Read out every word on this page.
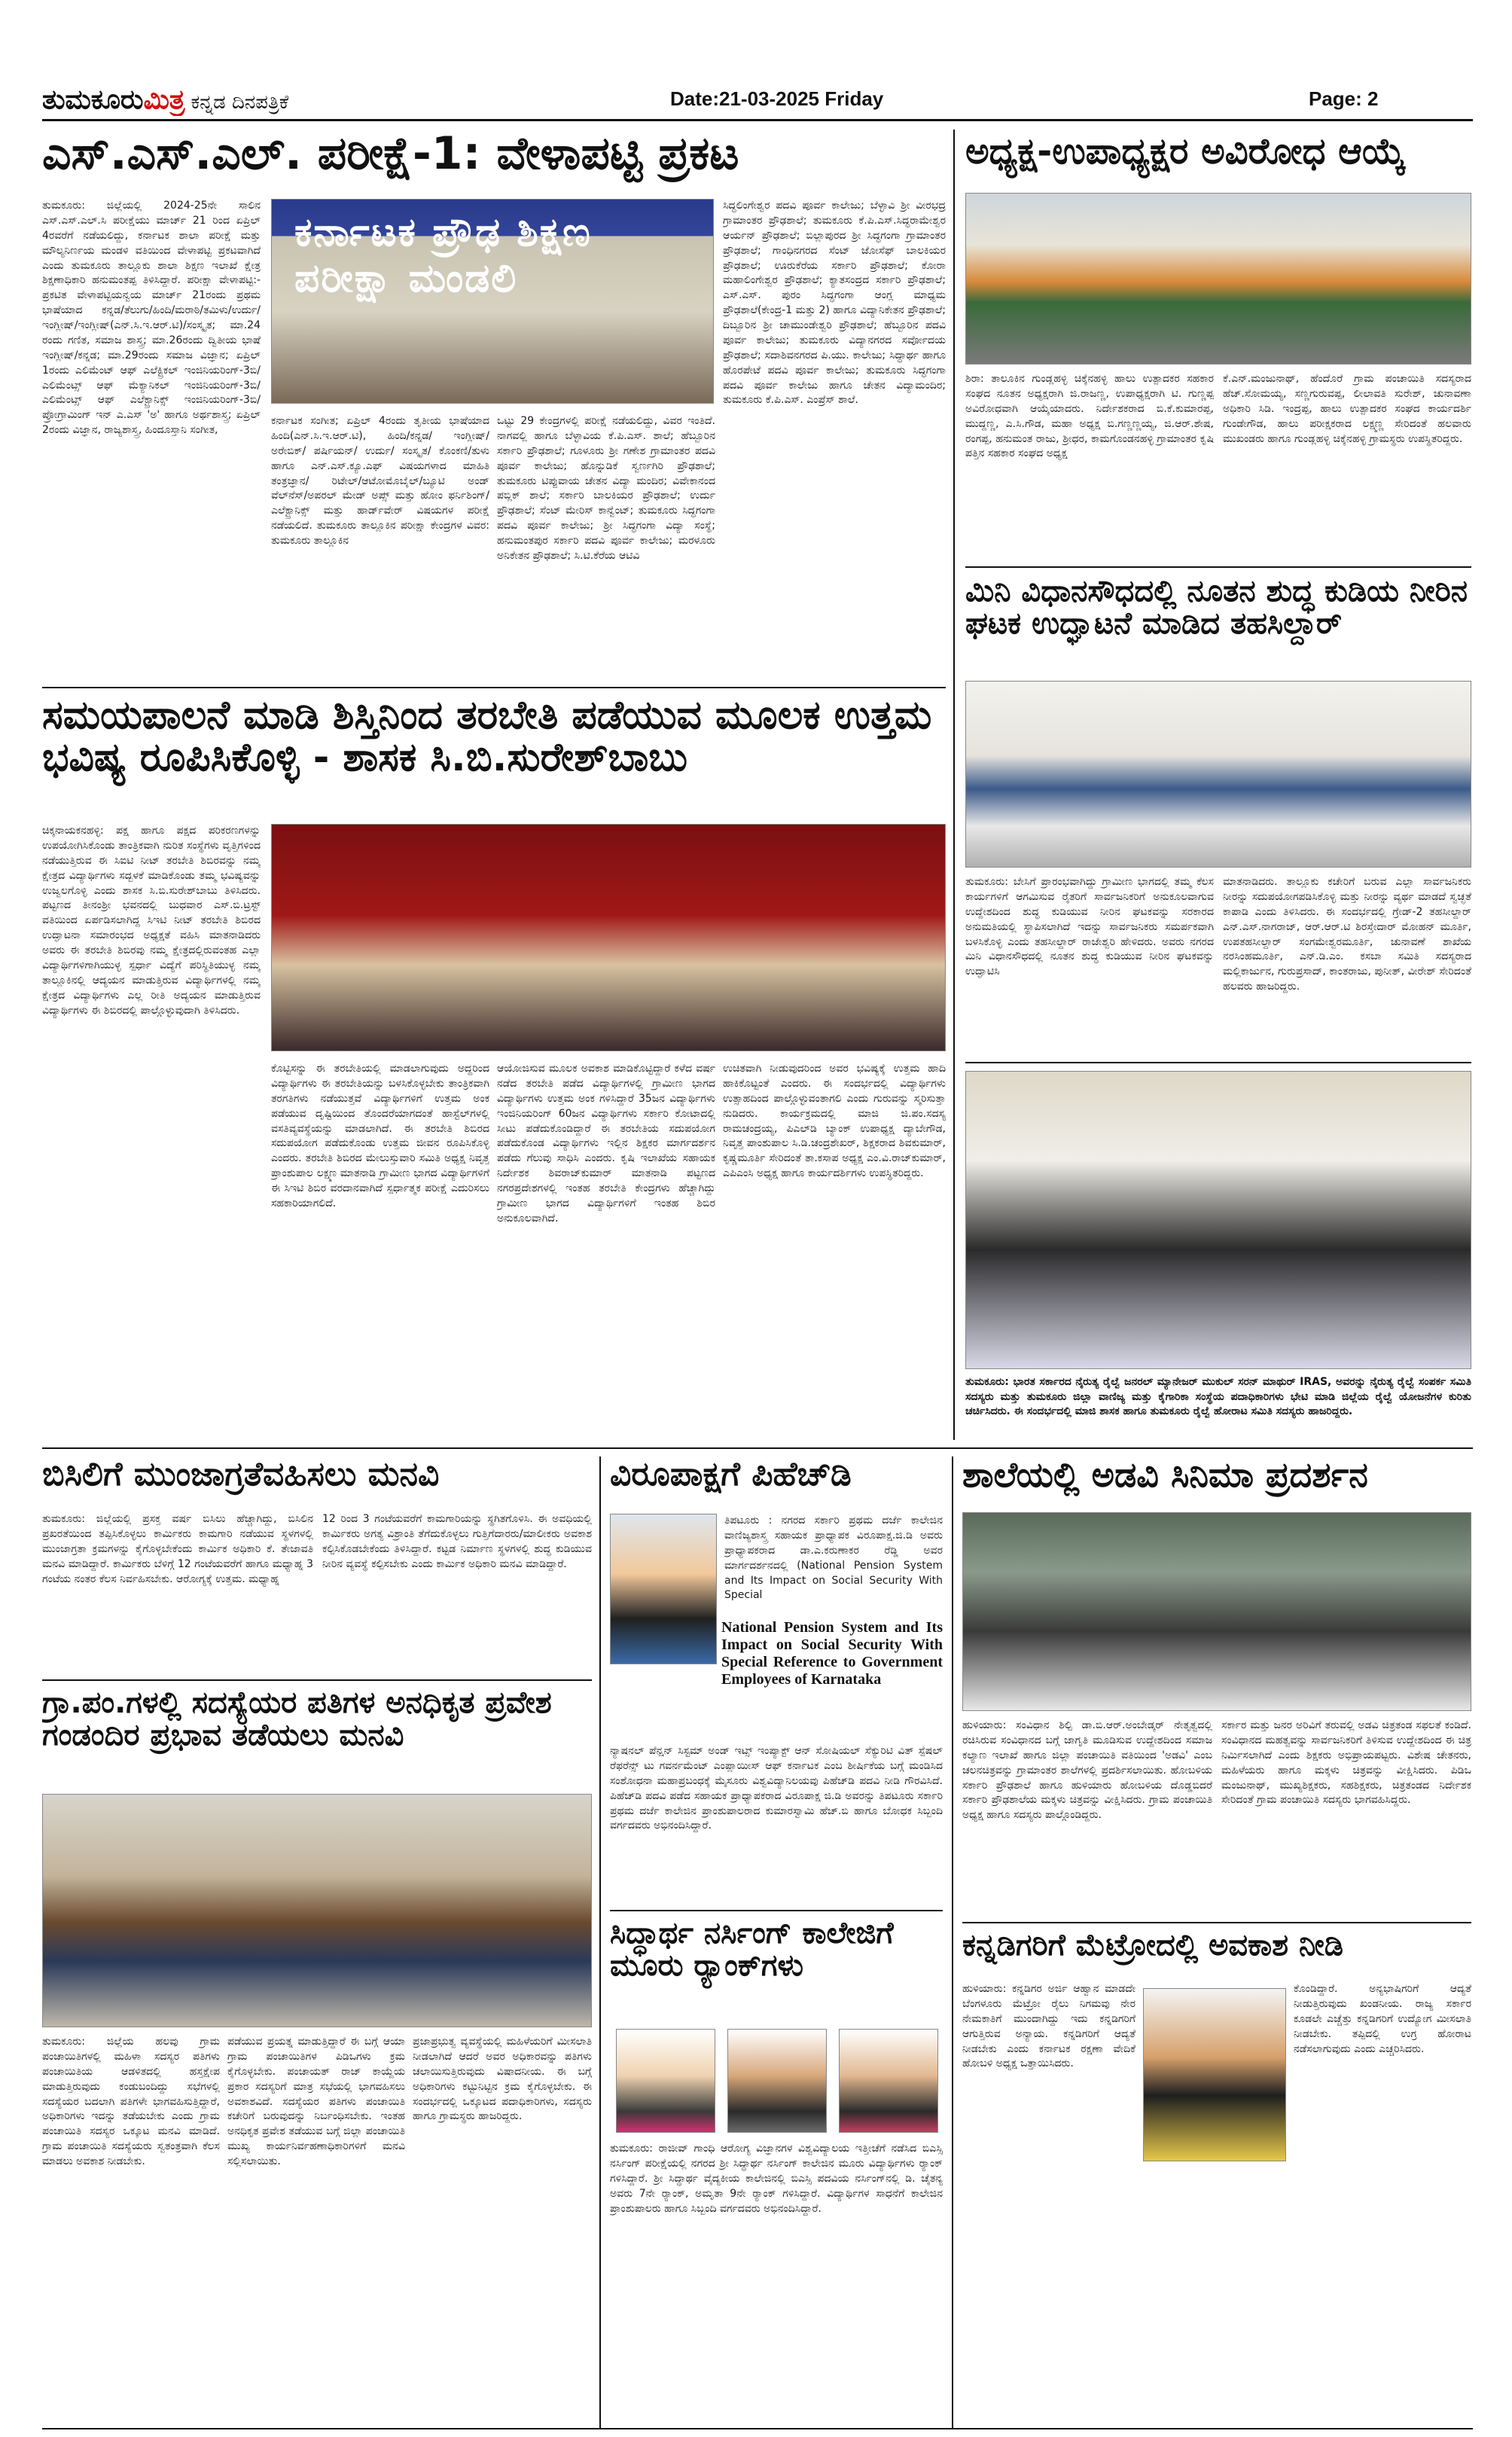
ತುಮಕೂರುಮಿತ್ರ ಕನ್ನಡ ದಿನಪತ್ರಿಕೆ	Date:21-03-2025 Friday	Page: 2
ಎಸ್.ಎಸ್.ಎಲ್. ಪರೀಕ್ಷೆ-1: ವೇಳಾಪಟ್ಟಿ ಪ್ರಕಟ
ತುಮಕೂರು: ಜಿಲ್ಲೆಯಲ್ಲಿ 2024-25ನೇ ಸಾಲಿನ ಎಸ್.ಎಸ್.ಎಲ್.ಸಿ ಪರೀಕ್ಷೆಯು ಮಾರ್ಚ್ 21 ರಿಂದ ಏಪ್ರಿಲ್ 4ರವರೆಗೆ ನಡೆಯಲಿದ್ದು, ಕರ್ನಾಟಕ ಶಾಲಾ ಪರೀಕ್ಷೆ ಮತ್ತು ಮೌಲ್ಯನಿರ್ಣಯ ಮಂಡಳಿ ವತಿಯಿಂದ ವೇಳಾಪಟ್ಟಿ ಪ್ರಕಟವಾಗಿದೆ ಎಂದು ತುಮಕೂರು ತಾಲ್ಲೂಕು ಶಾಲಾ ಶಿಕ್ಷಣ ಇಲಾಖೆ ಕ್ಷೇತ್ರ ಶಿಕ್ಷಣಾಧಿಕಾರಿ ಹನುಮಂತಪ್ಪ ತಿಳಿಸಿದ್ದಾರೆ. ಪರೀಕ್ಷಾ ವೇಳಾಪಟ್ಟಿ:- ಪ್ರಕಟಿತ ವೇಳಾಪಟ್ಟಿಯನ್ವಯ ಮಾರ್ಚ್ 21ರಂದು ಪ್ರಥಮ ಭಾಷೆಯಾದ ಕನ್ನಡ/ತೆಲುಗು/ಹಿಂದಿ/ಮರಾಠಿ/ತಮಿಳು/ಉರ್ದು/ಇಂಗ್ಲೀಷ್/ಇಂಗ್ಲೀಷ್(ಎನ್.ಸಿ.ಇ.ಆರ್.ಟಿ)/ಸಂಸ್ಕೃತ; ಮಾ.24 ರಂದು ಗಣಿತ, ಸಮಾಜ ಶಾಸ್ತ್ರ; ಮಾ.26ರಂದು ದ್ವಿತೀಯ ಭಾಷೆ ಇಂಗ್ಲೀಷ್/ಕನ್ನಡ; ಮಾ.29ರಂದು ಸಮಾಜ ವಿಜ್ಞಾನ; ಏಪ್ರಿಲ್ 1ರಂದು ಎಲಿಮೆಂಟ್ ಆಫ್ ಎಲೆಕ್ಟ್ರಿಕಲ್ ಇಂಜಿನಿಯರಿಂಗ್-3ಬಿ/ ಎಲಿಮೆಂಟ್ಸ್ ಆಫ್ ಮೆಕ್ಯಾನಿಕಲ್ ಇಂಜಿನಿಯರಿಂಗ್-3ಬಿ/ ಎಲಿಮೆಂಟ್ಸ್ ಆಫ್ ಎಲೆಕ್ಟ್ರಾನಿಕ್ಸ್ ಇಂಜಿನಿಯರಿಂಗ್-3ಬಿ/ ಪ್ರೋಗ್ರಾಮಿಂಗ್ ಇನ್ ಎ.ಎಸ್ 'ಅ' ಹಾಗೂ ಅರ್ಥಶಾಸ್ತ್ರ; ಏಪ್ರಿಲ್ 2ರಂದು ವಿಜ್ಞಾನ, ರಾಜ್ಯಶಾಸ್ತ್ರ, ಹಿಂದೂಸ್ತಾನಿ ಸಂಗೀತ,
ಕರ್ನಾಟಕ ಪ್ರೌಢ ಶಿಕ್ಷಣ ಪರೀಕ್ಷಾ ಮಂಡಲಿ
ಕರ್ನಾಟಕ ಸಂಗೀತ; ಏಪ್ರಿಲ್ 4ರಂದು ತೃತೀಯ ಭಾಷೆಯಾದ ಹಿಂದಿ(ಎನ್.ಸಿ.ಇ.ಆರ್.ಟಿ), ಹಿಂದಿ/ಕನ್ನಡ/ ಇಂಗ್ಲೀಷ್/ ಅರೇಬಿಕ್/ ಪರ್ಷಿಯನ್/ ಉರ್ದು/ ಸಂಸ್ಕೃತ/ ಕೊಂಕಣಿ/ತುಳು ಹಾಗೂ ಎನ್.ಎಸ್.ಕ್ಯೂ.ಎಫ್ ವಿಷಯಗಳಾದ ಮಾಹಿತಿ ತಂತ್ರಜ್ಞಾನ/ ರಿಟೇಲ್/ಆಟೋಮೊಬೈಲ್/ಬ್ಯೂಟಿ ಅಂಡ್ ವೆಲ್‌ನೆಸ್/ಅಪರಲ್ ಮೇಡ್ ಅಪ್ಸ್ ಮತ್ತು ಹೋಂ ಫರ್ನಿಶಿಂಗ್/ಎಲೆಕ್ಟ್ರಾನಿಕ್ಸ್ ಮತ್ತು ಹಾರ್ಡ್‌ವೇರ್ ವಿಷಯಗಳ ಪರೀಕ್ಷೆ ನಡೆಯಲಿದೆ. ತುಮಕೂರು ತಾಲ್ಲೂಕಿನ ಪರೀಕ್ಷಾ ಕೇಂದ್ರಗಳ ವಿವರ: ತುಮಕೂರು ತಾಲ್ಲೂಕಿನ
ಒಟ್ಟು 29 ಕೇಂದ್ರಗಳಲ್ಲಿ ಪರೀಕ್ಷೆ ನಡೆಯಲಿದ್ದು, ವಿವರ ಇಂತಿದೆ. ನಾಗವಲ್ಲಿ ಹಾಗೂ ಬೆಳ್ಳಾವಿಯ ಕೆ.ಪಿ.ಎಸ್. ಶಾಲೆ; ಹೆಬ್ಬೂರಿನ ಸರ್ಕಾರಿ ಪ್ರೌಢಶಾಲೆ; ಗೂಳೂರು ಶ್ರೀ ಗಣೇಶ ಗ್ರಾಮಾಂತರ ಪದವಿ ಪೂರ್ವ ಕಾಲೇಜು; ಹೊನ್ನುಡಿಕೆ ಸ್ವರ್ಣಗಿರಿ ಪ್ರೌಢಶಾಲೆ; ತುಮಕೂರು ಟಿಪ್ಪುವಾಯ ಚೇತನ ವಿದ್ಯಾ ಮಂದಿರ; ವಿವೇಕಾನಂದ ಪಬ್ಲಿಕ್ ಶಾಲೆ; ಸರ್ಕಾರಿ ಬಾಲಕಿಯರ ಪ್ರೌಢಶಾಲೆ; ಉರ್ದು ಪ್ರೌಢಶಾಲೆ; ಸೆಂಟ್ ಮೇರಿಸ್ ಕಾನ್ವೆಂಟ್; ತುಮಕೂರು ಸಿದ್ಧಗಂಗಾ ಪದವಿ ಪೂರ್ವ ಕಾಲೇಜು; ಶ್ರೀ ಸಿದ್ಧಗಂಗಾ ವಿದ್ಯಾ ಸಂಸ್ಥೆ; ಹನುಮಂತಪುರ ಸರ್ಕಾರಿ ಪದವಿ ಪೂರ್ವ ಕಾಲೇಜು; ಮರಳೂರು ಅನಿಕೇತನ ಪ್ರೌಢಶಾಲೆ; ಸಿ.ಟಿ.ಕೆರೆಯ ಆಟಿವಿ
ಸಿದ್ಧಲಿಂಗೇಶ್ವರ ಪದವಿ ಪೂರ್ವ ಕಾಲೇಜು; ಬೆಳ್ಳಾವಿ ಶ್ರೀ ವೀರಭದ್ರ ಗ್ರಾಮಾಂತರ ಪ್ರೌಢಶಾಲೆ; ತುಮಕೂರು ಕೆ.ಪಿ.ಎಸ್.ಸಿದ್ಧರಾಮೇಶ್ವರ ಆರ್ಯನ್ ಪ್ರೌಢಶಾಲೆ; ಬಿಲ್ಲಾಪುರದ ಶ್ರೀ ಸಿದ್ಧಗಂಗಾ ಗ್ರಾಮಾಂತರ ಪ್ರೌಢಶಾಲೆ; ಗಾಂಧಿನಗರದ ಸೆಂಟ್ ಜೋಸೆಫ್ ಬಾಲಕಿಯರ ಪ್ರೌಢಶಾಲೆ; ಊರುಕೆರೆಯ ಸರ್ಕಾರಿ ಪ್ರೌಢಶಾಲೆ; ಕೋರಾ ಮಹಾಲಿಂಗೇಶ್ವರ ಪ್ರೌಢಶಾಲೆ; ಕ್ಯಾತಸಂದ್ರದ ಸರ್ಕಾರಿ ಪ್ರೌಢಶಾಲೆ; ಎಸ್.ಎಸ್. ಪುರಂ ಸಿದ್ಧಗಂಗಾ ಆಂಗ್ಲ ಮಾಧ್ಯಮ ಪ್ರೌಢಶಾಲೆ(ಕೇಂದ್ರ-1 ಮತ್ತು 2) ಹಾಗೂ ವಿದ್ಯಾನಿಕೇತನ ಪ್ರೌಢಶಾಲೆ; ದಿಬ್ಬೂರಿನ ಶ್ರೀ ಚಾಮುಂಡೇಶ್ವರಿ ಪ್ರೌಢಶಾಲೆ; ಹೆಬ್ಬೂರಿನ ಪದವಿ ಪೂರ್ವ ಕಾಲೇಜು; ತುಮಕೂರು ವಿದ್ಯಾನಗರದ ಸರ್ವೋದಯ ಪ್ರೌಢಶಾಲೆ; ಸದಾಶಿವನಗರದ ಪಿ.ಯು. ಕಾಲೇಜು; ಸಿದ್ಧಾರ್ಥ ಹಾಗೂ ಹೊರಪೇಟೆ ಪದವಿ ಪೂರ್ವ ಕಾಲೇಜು; ತುಮಕೂರು ಸಿದ್ಧಗಂಗಾ ಪದವಿ ಪೂರ್ವ ಕಾಲೇಜು ಹಾಗೂ ಚೇತನ ವಿದ್ಯಾಮಂದಿರ; ತುಮಕೂರು ಕೆ.ಪಿ.ಎಸ್. ಎಂಪ್ರೆಸ್ ಶಾಲೆ.
ಅಧ್ಯಕ್ಷ-ಉಪಾಧ್ಯಕ್ಷರ ಅವಿರೋಧ ಆಯ್ಕೆ
ಶಿರಾ: ತಾಲೂಕಿನ ಗುಂಡ್ಲಹಳ್ಳಿ ಚಿಕ್ಕೆನಹಳ್ಳಿ ಹಾಲು ಉತ್ಪಾದಕರ ಸಹಕಾರ ಸಂಘದ ನೂತನ ಅಧ್ಯಕ್ಷರಾಗಿ ಜಿ.ರಾಜಣ್ಣ, ಉಪಾಧ್ಯಕ್ಷರಾಗಿ ಟಿ. ಗುಣ್ಣಪ್ಪ ಅವಿರೋಧವಾಗಿ ಆಯ್ಕೆಯಾದರು. ನಿರ್ದೇಶಕರಾದ ಬಿ.ಕೆ.ಕುಮಾರಪ್ಪ, ಮುದ್ದಣ್ಣ, ಎ.ಸಿ.ಗೌಡ, ಮಹಾ ಅಧ್ಯಕ್ಷ ಬಿ.ಗಣ್ಣಣ್ಣಯ್ಯ, ಜಿ.ಆರ್.ಶೇಷ, ರಂಗಪ್ಪ, ಹನುಮಂತ ರಾಜು, ಶ್ರೀಧರ, ಕಾಮಗೊಂಡನಹಳ್ಳಿ ಗ್ರಾಮಾಂತರ ಕೃಷಿ ಪತ್ತಿನ ಸಹಕಾರ ಸಂಘದ ಅಧ್ಯಕ್ಷ
ಕೆ.ಎನ್.ಮಂಜುನಾಥ್, ಹೆಂದೊರೆ ಗ್ರಾಮ ಪಂಚಾಯಿತಿ ಸದಸ್ಯರಾದ ಹೆಚ್.ಸೋಮಯ್ಯ, ಸಣ್ಣಗುರುವಪ್ಪ, ಲೀಲಾವತಿ ಸುರೇಶ್, ಚುನಾವಣಾ ಅಧಿಕಾರಿ ಸಿಡಿ. ಇಂದ್ರಪ್ಪ, ಹಾಲು ಉತ್ಪಾದಕರ ಸಂಘದ ಕಾರ್ಯದರ್ಶಿ ಗುಂಡೇಗೌಡ, ಹಾಲು ಪರೀಕ್ಷಕರಾದ ಲಕ್ಷ್ಮಣ್ಣ ಸೇರಿದಂತೆ ಹಲವಾರು ಮುಖಂಡರು ಹಾಗೂ ಗುಂಡ್ಲಹಳ್ಳಿ ಚಿಕ್ಕೆನಹಳ್ಳಿ ಗ್ರಾಮಸ್ಥರು ಉಪಸ್ಥಿತರಿದ್ದರು.
ಮಿನಿ ವಿಧಾನಸೌಧದಲ್ಲಿ ನೂತನ ಶುದ್ಧ ಕುಡಿಯ ನೀರಿನ ಘಟಕ ಉದ್ಘಾಟನೆ ಮಾಡಿದ ತಹಸಿಲ್ದಾರ್
ತುಮಕೂರು: ಬೇಸಿಗೆ ಪ್ರಾರಂಭವಾಗಿದ್ದು ಗ್ರಾಮೀಣ ಭಾಗದಲ್ಲಿ ತಮ್ಮ ಕೆಲಸ ಕಾರ್ಯಗಳಿಗೆ ಆಗಮಿಸುವ ರೈತರಿಗೆ ಸಾರ್ವಜನಿಕರಿಗೆ ಅನುಕೂಲವಾಗುವ ಉದ್ದೇಶದಿಂದ ಶುದ್ಧ ಕುಡಿಯುವ ನೀರಿನ ಘಟಕವನ್ನು ಸರಕಾರದ ಅನುಮತಿಯಲ್ಲಿ ಸ್ಥಾಪಿಸಲಾಗಿದೆ ಇದನ್ನು ಸಾರ್ವಜನಿಕರು ಸಮರ್ಪಕವಾಗಿ ಬಳಸಿಕೊಳ್ಳಿ ಎಂದು ತಹಸೀಲ್ದಾರ್ ರಾಜೇಶ್ವರಿ ಹೇಳಿದರು. ಅವರು ನಗರದ ಮಿನಿ ವಿಧಾನಸೌಧದಲ್ಲಿ ನೂತನ ಶುದ್ಧ ಕುಡಿಯುವ ನೀರಿನ ಘಟಕವನ್ನು ಉದ್ಘಾಟಿಸಿ
ಮಾತನಾಡಿದರು. ತಾಲ್ಲೂಕು ಕಚೇರಿಗೆ ಬರುವ ಎಲ್ಲಾ ಸಾರ್ವಜನಿಕರು ನೀರನ್ನು ಸದುಪಯೋಗಪಡಿಸಿಕೊಳ್ಳಿ ಮತ್ತು ನೀರನ್ನು ವ್ಯರ್ಥ ಮಾಡದೆ ಸ್ವಚ್ಛತೆ ಕಾಪಾಡಿ ಎಂದು ತಿಳಿಸಿದರು. ಈ ಸಂದರ್ಭದಲ್ಲಿ ಗ್ರೇಡ್-2 ತಹಸೀಲ್ದಾರ್ ಎನ್.ಎಸ್.ನಾಗರಾಜ್, ಆರ್.ಆರ್.ಟಿ ಶಿರಸ್ತೇದಾರ್ ಮೋಹನ್ ಮೂರ್ತಿ, ಉಪತಹಸೀಲ್ದಾರ್ ಸಂಗಮೇಶ್ವರಮೂರ್ತಿ, ಚುನಾವಣೆ ಶಾಖೆಯ ನರಸಿಂಹಮೂರ್ತಿ, ಎನ್.ಡಿ.ಎಂ. ಕಸಬಾ ಸಮಿತಿ ಸದಸ್ಯರಾದ ಮಲ್ಲಿಕಾರ್ಜುನ, ಗುರುಪ್ರಸಾದ್, ಕಾಂತರಾಜು, ಪುನೀತ್, ವೀರೇಶ್ ಸೇರಿದಂತೆ ಹಲವರು ಹಾಜರಿದ್ದರು.
ತುಮಕೂರು: ಭಾರತ ಸರ್ಕಾರದ ನೈರುತ್ಯ ರೈಲ್ವೆ ಜನರಲ್ ಮ್ಯಾನೇಜರ್ ಮುಕುಲ್ ಸರನ್ ಮಾಥುರ್ IRAS, ಅವರನ್ನು ನೈರುತ್ಯ ರೈಲ್ವೆ ಸಂಪರ್ಕ ಸಮಿತಿ ಸದಸ್ಯರು ಮತ್ತು ತುಮಕೂರು ಜಿಲ್ಲಾ ವಾಣಿಜ್ಯ ಮತ್ತು ಕೈಗಾರಿಕಾ ಸಂಸ್ಥೆಯ ಪದಾಧಿಕಾರಿಗಳು ಭೇಟಿ ಮಾಡಿ ಜಿಲ್ಲೆಯ ರೈಲ್ವೆ ಯೋಜನೆಗಳ ಕುರಿತು ಚರ್ಚಿಸಿದರು. ಈ ಸಂದರ್ಭದಲ್ಲಿ ಮಾಜಿ ಶಾಸಕ ಹಾಗೂ ತುಮಕೂರು ರೈಲ್ವೆ ಹೋರಾಟ ಸಮಿತಿ ಸದಸ್ಯರು ಹಾಜರಿದ್ದರು.
ಸಮಯಪಾಲನೆ ಮಾಡಿ ಶಿಸ್ತಿನಿಂದ ತರಬೇತಿ ಪಡೆಯುವ ಮೂಲಕ ಉತ್ತಮ ಭವಿಷ್ಯ ರೂಪಿಸಿಕೊಳ್ಳಿ - ಶಾಸಕ ಸಿ.ಬಿ.ಸುರೇಶ್‌ಬಾಬು
ಚಿಕ್ಕನಾಯಕನಹಳ್ಳಿ: ಪಕ್ಷ ಹಾಗೂ ಪಕ್ಷದ ಪರಿಕರಣಗಳನ್ನು ಉಪಯೋಗಿಸಿಕೊಂಡು ತಾಂತ್ರಿಕವಾಗಿ ನುರಿತ ಸಂಸ್ಥೆಗಳು ವೃತ್ತಿಗಳಿಂದ ನಡೆಯುತ್ತಿರುವ ಈ ಸಿಐಟಿ ನೀಟ್ ತರಬೇತಿ ಶಿಬಿರವನ್ನು ನಮ್ಮ ಕ್ಷೇತ್ರದ ವಿದ್ಯಾರ್ಥಿಗಳು ಸದ್ಬಳಕೆ ಮಾಡಿಕೊಂಡು ತಮ್ಮ ಭವಿಷ್ಯವನ್ನು ಉಜ್ವಲಗೊಳ್ಳಿ ಎಂದು ಶಾಸಕ ಸಿ.ಬಿ.ಸುರೇಶ್‌ಬಾಬು ತಿಳಿಸಿದರು. ಪಟ್ಟಣದ ತೀನಂಶ್ರೀ ಭವನದಲ್ಲಿ ಬುಧವಾರ ಎಸ್.ಬಿ.ಟ್ರಸ್ಟ್ ವತಿಯಿಂದ ಏರ್ಪಡಿಸಲಾಗಿದ್ದ ಸಿಇಟಿ ನೀಟ್ ತರಬೇತಿ ಶಿಬಿರದ ಉದ್ಘಾಟನಾ ಸಮಾರಂಭದ ಅಧ್ಯಕ್ಷತೆ ವಹಿಸಿ ಮಾತನಾಡಿದರು ಅವರು ಈ ತರಬೇತಿ ಶಿಬಿರವು ನಮ್ಮ ಕ್ಷೇತ್ರದಲ್ಲಿರುವಂತಹ ಎಲ್ಲಾ ವಿದ್ಯಾರ್ಥಿಗಳಿಗಾಗಿಯುಳ್ಳ ಸ್ಪರ್ಧಾ ವಿದ್ಯೆಗೆ ಪರಿಸ್ಥಿತಿಯುಳ್ಳ ನಮ್ಮ ತಾಲ್ಲೂಕಿನಲ್ಲಿ ಆದ್ಯಯನ ಮಾಡುತ್ತಿರುವ ವಿದ್ಯಾರ್ಥಿಗಳಲ್ಲಿ ನಮ್ಮ ಕ್ಷೇತ್ರದ ವಿದ್ಯಾರ್ಥಿಗಳು ಎಲ್ಲ ರೀತಿ ಅದ್ಯಯನ ಮಾಡುತ್ತಿರುವ ವಿದ್ಯಾರ್ಥಿಗಳು ಈ ಶಿಬಿರದಲ್ಲಿ ಪಾಲ್ಗೊಳ್ಳುವುದಾಗಿ ತಿಳಿಸಿದರು.
ಕೊಟ್ಟಿಸನ್ನು ಈ ತರಬೇತಿಯಲ್ಲಿ ಮಾಡಲಾಗುವುದು ಅದ್ದರಿಂದ ವಿದ್ಯಾರ್ಥಿಗಳು ಈ ತರಬೇತಿಯನ್ನು ಬಳಸಿಕೊಳ್ಳಬೇಕು ತಾಂತ್ರಿಕವಾಗಿ ತರಗತಿಗಳು ನಡೆಯುತ್ತವೆ ವಿದ್ಯಾರ್ಥಿಗಳಿಗೆ ಉತ್ತಮ ಅಂಕ ಪಡೆಯುವ ದೃಷ್ಟಿಯಿಂದ ತೊಂದರೆಯಾಗದಂತೆ ಹಾಸ್ಟೆಲ್‌ಗಳಲ್ಲಿ ವಸತಿವ್ಯವಸ್ಥೆಯನ್ನು ಮಾಡಲಾಗಿದೆ. ಈ ತರಬೇತಿ ಶಿಬಿರದ ಸದುಪಯೋಗ ಪಡೆದುಕೊಂಡು ಉತ್ತಮ ಜೀವನ ರೂಪಿಸಿಕೊಳ್ಳಿ ಎಂದರು. ತರಬೇತಿ ಶಿಬಿರದ ಮೇಲುಸ್ತುವಾರಿ ಸಮಿತಿ ಅಧ್ಯಕ್ಷ ನಿವೃತ್ತ ಪ್ರಾಂಶುಪಾಲ ಲಕ್ಷ್ಮಣ ಮಾತನಾಡಿ ಗ್ರಾಮೀಣ ಭಾಗದ ವಿದ್ಯಾರ್ಥಿಗಳಿಗೆ ಈ ಸಿಇಟಿ ಶಿಬಿರ ವರದಾನವಾಗಿದೆ ಸ್ಪರ್ಧಾತ್ಮಕ ಪರೀಕ್ಷೆ ಎದುರಿಸಲು ಸಹಕಾರಿಯಾಗಲಿದೆ.
ಆಯೋಜಿಸುವ ಮೂಲಕ ಅವಕಾಶ ಮಾಡಿಕೊಟ್ಟಿದ್ದಾರೆ ಕಳೆದ ವರ್ಷ ನಡೆದ ತರಬೇತಿ ಪಡೆದ ವಿದ್ಯಾರ್ಥಿಗಳಲ್ಲಿ ಗ್ರಾಮೀಣ ಭಾಗದ ವಿದ್ಯಾರ್ಥಿಗಳು ಉತ್ತಮ ಅಂಕ ಗಳಿಸಿದ್ದಾರೆ 35ಜನ ವಿದ್ಯಾರ್ಥಿಗಳು ಇಂಜಿನಿಯರಿಂಗ್ 60ಜನ ವಿದ್ಯಾರ್ಥಿಗಳು ಸರ್ಕಾರಿ ಕೋಟಾದಲ್ಲಿ ಸೀಟು ಪಡೆದುಕೊಂಡಿದ್ದಾರೆ ಈ ತರಬೇತಿಯ ಸದುಪಯೋಗ ಪಡೆದುಕೊಂಡ ವಿದ್ಯಾರ್ಥಿಗಳು ಇಲ್ಲಿನ ಶಿಕ್ಷಕರ ಮಾರ್ಗದರ್ಶನ ಪಡೆದು ಗೆಲುವು ಸಾಧಿಸಿ ಎಂದರು. ಕೃಷಿ ಇಲಾಖೆಯ ಸಹಾಯಕ ನಿರ್ದೇಶಕ ಶಿವರಾಜ್‌ಕುಮಾರ್ ಮಾತನಾಡಿ ಪಟ್ಟಣದ ನಗರಪ್ರದೇಶಗಳಲ್ಲಿ ಇಂತಹ ತರಬೇತಿ ಕೇಂದ್ರಗಳು ಹೆಚ್ಚಾಗಿದ್ದು ಗ್ರಾಮೀಣ ಭಾಗದ ವಿದ್ಯಾರ್ಥಿಗಳಿಗೆ ಇಂತಹ ಶಿಬಿರ ಅನುಕೂಲವಾಗಿದೆ.
ಉಚಿತವಾಗಿ ನೀಡುವುದರಿಂದ ಅವರ ಭವಿಷ್ಯಕ್ಕೆ ಉತ್ತಮ ಹಾದಿ ಹಾಕಿಕೊಟ್ಟಂತೆ ಎಂದರು. ಈ ಸಂದರ್ಭದಲ್ಲಿ ವಿದ್ಯಾರ್ಥಿಗಳು ಉತ್ಸಾಹದಿಂದ ಪಾಲ್ಗೊಳ್ಳುವಂತಾಗಲಿ ಎಂದು ಗುರುವನ್ನು ಸ್ಮರಿಸುತ್ತಾ ನುಡಿದರು. ಕಾರ್ಯಕ್ರಮದಲ್ಲಿ ಮಾಜಿ ಜಿ.ಪಂ.ಸದಸ್ಯ ರಾಮಚಂದ್ರಯ್ಯ, ಪಿಎಲ್‌ಡಿ ಬ್ಯಾಂಕ್ ಉಪಾಧ್ಯಕ್ಷ ದ್ಯಾಬೇಗೌಡ, ನಿವೃತ್ತ ಪಾಂಶುಪಾಲ ಸಿ.ಡಿ.ಚಂದ್ರಶೇಖರ್, ಶಿಕ್ಷಕರಾದ ಶಿವಕುಮಾರ್, ಕೃಷ್ಣಮೂರ್ತಿ ಸೇರಿದಂತೆ ತಾ.ಕಸಾಪ ಅಧ್ಯಕ್ಷ ಎಂ.ವಿ.ರಾಜ್‌ಕುಮಾರ್, ಎಪಿಎಂಸಿ ಅಧ್ಯಕ್ಷ ಹಾಗೂ ಕಾರ್ಯದರ್ಶಿಗಳು ಉಪಸ್ಥಿತರಿದ್ದರು.
ಬಿಸಿಲಿಗೆ ಮುಂಜಾಗ್ರತೆವಹಿಸಲು ಮನವಿ
ತುಮಕೂರು: ಜಿಲ್ಲೆಯಲ್ಲಿ ಪ್ರಸಕ್ತ ವರ್ಷ ಬಿಸಿಲು ಹೆಚ್ಚಾಗಿದ್ದು, ಬಿಸಿಲಿನ ಪ್ರಖರತೆಯಿಂದ ತಪ್ಪಿಸಿಕೊಳ್ಳಲು ಕಾರ್ಮಿಕರು ಕಾಮಗಾರಿ ನಡೆಯುವ ಸ್ಥಳಗಳಲ್ಲಿ ಮುಂಜಾಗ್ರತಾ ಕ್ರಮಗಳನ್ನು ಕೈಗೊಳ್ಳಬೇಕೆಂದು ಕಾರ್ಮಿಕ ಅಧಿಕಾರಿ ಕೆ. ತೇಜಾವತಿ ಮನವಿ ಮಾಡಿದ್ದಾರೆ. ಕಾರ್ಮಿಕರು ಬೆಳಿಗ್ಗೆ 12 ಗಂಟೆಯವರೆಗೆ ಹಾಗೂ ಮಧ್ಯಾಹ್ನ 3 ಗಂಟೆಯ ನಂತರ ಕೆಲಸ ನಿರ್ವಹಿಸಬೇಕು. ಆರೋಗ್ಯಕ್ಕೆ ಉತ್ತಮ. ಮಧ್ಯಾಹ್ನ
12 ರಿಂದ 3 ಗಂಟೆಯವರೆಗೆ ಕಾಮಗಾರಿಯನ್ನು ಸ್ಥಗಿತಗೊಳಿಸಿ. ಈ ಅವಧಿಯಲ್ಲಿ ಕಾರ್ಮಿಕರು ಅಗತ್ಯ ವಿಶ್ರಾಂತಿ ತೆಗೆದುಕೊಳ್ಳಲು ಗುತ್ತಿಗೆದಾರರು/ಮಾಲೀಕರು ಅವಕಾಶ ಕಲ್ಪಿಸಿಕೊಡಬೇಕೆಂದು ತಿಳಿಸಿದ್ದಾರೆ. ಕಟ್ಟಡ ನಿರ್ಮಾಣ ಸ್ಥಳಗಳಲ್ಲಿ ಶುದ್ಧ ಕುಡಿಯುವ ನೀರಿನ ವ್ಯವಸ್ಥೆ ಕಲ್ಪಿಸಬೇಕು ಎಂದು ಕಾರ್ಮಿಕ ಅಧಿಕಾರಿ ಮನವಿ ಮಾಡಿದ್ದಾರೆ.
ವಿರೂಪಾಕ್ಷಗೆ ಪಿಹೆಚ್‌ಡಿ
National Pension System and Its Impact on Social Security With Special Reference to Government Employees of Karnataka
ತಿಪಟೂರು : ನಗರದ ಸರ್ಕಾರಿ ಪ್ರಥಮ ದರ್ಜೆ ಕಾಲೇಜಿನ ವಾಣಿಜ್ಯಶಾಸ್ತ್ರ ಸಹಾಯಕ ಪ್ರಾಧ್ಯಾಪಕ ವಿರೂಪಾಕ್ಷ.ಜಿ.ಡಿ ಅವರು ಪ್ರಾಧ್ಯಾಪಕರಾದ ಡಾ.ಎ.ಕರುಣಾಕರ ರೆಡ್ಡಿ ಅವರ ಮಾರ್ಗದರ್ಶನದಲ್ಲಿ (National Pension System and Its Impact on Social Security With Special
ನ್ಯಾಷನಲ್ ಪೆನ್ಷನ್ ಸಿಸ್ಟಮ್ ಅಂಡ್ ಇಟ್ಸ್ ಇಂಪ್ಯಾಕ್ಟ್ ಆನ್ ಸೋಷಿಯಲ್ ಸೆಕ್ಯುರಿಟಿ ವಿತ್ ಸ್ಪೆಷಲ್ ರೆಫರೆನ್ಸ್ ಟು ಗವರ್ನಮೆಂಟ್ ಎಂಪ್ಲಾಯೀಸ್ ಆಫ್ ಕರ್ನಾಟಕ ಎಂಬ ಶೀರ್ಷಿಕೆಯ ಬಗ್ಗೆ ಮಂಡಿಸಿದ ಸಂಶೋಧನಾ ಮಹಾಪ್ರಬಂಧಕ್ಕೆ ಮೈಸೂರು ವಿಶ್ವವಿದ್ಯಾನಿಲಯವು ಪಿಹೆಚ್‌ಡಿ ಪದವಿ ನೀಡಿ ಗೌರವಿಸಿದೆ. ಪಿಹೆಚ್‌ಡಿ ಪದವಿ ಪಡೆದ ಸಹಾಯಕ ಪ್ರಾಧ್ಯಾಪಕರಾದ ವಿರೂಪಾಕ್ಷ ಜಿ.ಡಿ ಅವರನ್ನು ತಿಪಟೂರು ಸರ್ಕಾರಿ ಪ್ರಥಮ ದರ್ಜೆ ಕಾಲೇಜಿನ ಪ್ರಾಂಶುಪಾಲರಾದ ಕುಮಾರಸ್ವಾಮಿ ಹೆಚ್.ಬಿ ಹಾಗೂ ಬೋಧಕ ಸಿಬ್ಬಂದಿ ವರ್ಗದವರು ಅಭಿನಂದಿಸಿದ್ದಾರೆ.
ಶಾಲೆಯಲ್ಲಿ ಅಡವಿ ಸಿನಿಮಾ ಪ್ರದರ್ಶನ
ಹುಳಿಯಾರು: ಸಂವಿಧಾನ ಶಿಲ್ಪಿ ಡಾ.ಬಿ.ಆರ್.ಅಂಬೇಡ್ಕರ್ ನೇತೃತ್ವದಲ್ಲಿ ರಚಿಸಿರುವ ಸಂವಿಧಾನದ ಬಗ್ಗೆ ಜಾಗೃತಿ ಮೂಡಿಸುವ ಉದ್ದೇಶದಿಂದ ಸಮಾಜ ಕಲ್ಯಾಣ ಇಲಾಖೆ ಹಾಗೂ ಜಿಲ್ಲಾ ಪಂಚಾಯಿತಿ ವತಿಯಿಂದ 'ಅಡವಿ' ಎಂಬ ಚಲನಚಿತ್ರವನ್ನು ಗ್ರಾಮಾಂತರ ಶಾಲೆಗಳಲ್ಲಿ ಪ್ರದರ್ಶಿಸಲಾಯಿತು. ಹೋಬಳಿಯ ಸರ್ಕಾರಿ ಪ್ರೌಢಶಾಲೆ ಹಾಗೂ ಹುಳಿಯಾರು ಹೋಬಳಿಯ ದೊಡ್ಡಬಿದರೆ ಸರ್ಕಾರಿ ಪ್ರೌಢಶಾಲೆಯ ಮಕ್ಕಳು ಚಿತ್ರವನ್ನು ವೀಕ್ಷಿಸಿದರು. ಗ್ರಾಮ ಪಂಚಾಯಿತಿ ಅಧ್ಯಕ್ಷ ಹಾಗೂ ಸದಸ್ಯರು ಪಾಲ್ಗೊಂಡಿದ್ದರು.
ಸರ್ಕಾರ ಮತ್ತು ಜನರ ಅರಿವಿಗೆ ತರುವಲ್ಲಿ ಅಡವಿ ಚಿತ್ರತಂಡ ಸಫಲತೆ ಕಂಡಿದೆ. ಸಂವಿಧಾನದ ಮಹತ್ವವನ್ನು ಸಾರ್ವಜನಿಕರಿಗೆ ತಿಳಿಸುವ ಉದ್ದೇಶದಿಂದ ಈ ಚಿತ್ರ ನಿರ್ಮಿಸಲಾಗಿದೆ ಎಂದು ಶಿಕ್ಷಕರು ಅಭಿಪ್ರಾಯಪಟ್ಟರು. ವಿಶೇಷ ಚೇತನರು, ಮಹಿಳೆಯರು ಹಾಗೂ ಮಕ್ಕಳು ಚಿತ್ರವನ್ನು ವೀಕ್ಷಿಸಿದರು. ಪಿಡಿಒ ಮಂಜುನಾಥ್, ಮುಖ್ಯಶಿಕ್ಷಕರು, ಸಹಶಿಕ್ಷಕರು, ಚಿತ್ರತಂಡದ ನಿರ್ದೇಶಕ ಸೇರಿದಂತೆ ಗ್ರಾಮ ಪಂಚಾಯಿತಿ ಸದಸ್ಯರು ಭಾಗವಹಿಸಿದ್ದರು.
ಗ್ರಾ.ಪಂ.ಗಳಲ್ಲಿ ಸದಸ್ಯೆಯರ ಪತಿಗಳ ಅನಧಿಕೃತ ಪ್ರವೇಶ ಗಂಡಂದಿರ ಪ್ರಭಾವ ತಡೆಯಲು ಮನವಿ
ತುಮಕೂರು: ಜಿಲ್ಲೆಯ ಹಲವು ಗ್ರಾಮ ಪಂಚಾಯಿತಿಗಳಲ್ಲಿ ಮಹಿಳಾ ಸದಸ್ಯರ ಪತಿಗಳು ಪಂಚಾಯಿತಿಯ ಆಡಳಿತದಲ್ಲಿ ಹಸ್ತಕ್ಷೇಪ ಮಾಡುತ್ತಿರುವುದು ಕಂಡುಬಂದಿದ್ದು ಸಭೆಗಳಲ್ಲಿ ಸದಸ್ಯೆಯರ ಬದಲಾಗಿ ಪತಿಗಳೇ ಭಾಗವಹಿಸುತ್ತಿದ್ದಾರೆ, ಅಧಿಕಾರಿಗಳು ಇದನ್ನು ತಡೆಯಬೇಕು ಎಂದು ಗ್ರಾಮ ಪಂಚಾಯಿತಿ ಸದಸ್ಯರ ಒಕ್ಕೂಟ ಮನವಿ ಮಾಡಿದೆ. ಗ್ರಾಮ ಪಂಚಾಯಿತಿ ಸದಸ್ಯೆಯರು ಸ್ವತಂತ್ರವಾಗಿ ಕೆಲಸ ಮಾಡಲು ಅವಕಾಶ ನೀಡಬೇಕು.
ಪಡೆಯುವ ಪ್ರಯತ್ನ ಮಾಡುತ್ತಿದ್ದಾರೆ ಈ ಬಗ್ಗೆ ಆಯಾ ಗ್ರಾಮ ಪಂಚಾಯಿತಿಗಳ ಪಿಡಿಒಗಳು ಕ್ರಮ ಕೈಗೊಳ್ಳಬೇಕು. ಪಂಚಾಯತ್ ರಾಜ್ ಕಾಯ್ದೆಯ ಪ್ರಕಾರ ಸದಸ್ಯರಿಗೆ ಮಾತ್ರ ಸಭೆಯಲ್ಲಿ ಭಾಗವಹಿಸಲು ಅವಕಾಶವಿದೆ. ಸದಸ್ಯೆಯರ ಪತಿಗಳು ಪಂಚಾಯಿತಿ ಕಚೇರಿಗೆ ಬರುವುದನ್ನು ನಿರ್ಬಂಧಿಸಬೇಕು. ಇಂತಹ ಅನಧಿಕೃತ ಪ್ರವೇಶ ತಡೆಯುವ ಬಗ್ಗೆ ಜಿಲ್ಲಾ ಪಂಚಾಯಿತಿ ಮುಖ್ಯ ಕಾರ್ಯನಿರ್ವಹಣಾಧಿಕಾರಿಗಳಿಗೆ ಮನವಿ ಸಲ್ಲಿಸಲಾಯಿತು.
ಪ್ರಜಾಪ್ರಭುತ್ವ ವ್ಯವಸ್ಥೆಯಲ್ಲಿ ಮಹಿಳೆಯರಿಗೆ ಮೀಸಲಾತಿ ನೀಡಲಾಗಿದೆ ಆದರೆ ಅವರ ಅಧಿಕಾರವನ್ನು ಪತಿಗಳು ಚಲಾಯಿಸುತ್ತಿರುವುದು ವಿಷಾದನೀಯ. ಈ ಬಗ್ಗೆ ಅಧಿಕಾರಿಗಳು ಕಟ್ಟುನಿಟ್ಟಿನ ಕ್ರಮ ಕೈಗೊಳ್ಳಬೇಕು. ಈ ಸಂದರ್ಭದಲ್ಲಿ ಒಕ್ಕೂಟದ ಪದಾಧಿಕಾರಿಗಳು, ಸದಸ್ಯರು ಹಾಗೂ ಗ್ರಾಮಸ್ಥರು ಹಾಜರಿದ್ದರು.
ಸಿದ್ಧಾರ್ಥ ನರ್ಸಿಂಗ್ ಕಾಲೇಜಿಗೆ ಮೂರು ರ್‍ಯಾಂಕ್‌ಗಳು
ತುಮಕೂರು: ರಾಜೀವ್ ಗಾಂಧಿ ಆರೋಗ್ಯ ವಿಜ್ಞಾನಗಳ ವಿಶ್ವವಿದ್ಯಾಲಯ ಇತ್ತೀಚೆಗೆ ನಡೆಸಿದ ಬಿಎಸ್ಸಿ ನರ್ಸಿಂಗ್ ಪರೀಕ್ಷೆಯಲ್ಲಿ ನಗರದ ಶ್ರೀ ಸಿದ್ಧಾರ್ಥ ನರ್ಸಿಂಗ್ ಕಾಲೇಜಿನ ಮೂರು ವಿದ್ಯಾರ್ಥಿಗಳು ರ್‍ಯಾಂಕ್ ಗಳಿಸಿದ್ದಾರೆ. ಶ್ರೀ ಸಿದ್ಧಾರ್ಥ ವೈದ್ಯಕೀಯ ಕಾಲೇಜಿನಲ್ಲಿ ಬಿಎಸ್ಸಿ ಪದವಿಯ ನರ್ಸಿಂಗ್‌ನಲ್ಲಿ ಡಿ. ಚೈತನ್ಯ ಅವರು 7ನೇ ರ್‍ಯಾಂಕ್, ಅಮೃತಾ 9ನೇ ರ್‍ಯಾಂಕ್ ಗಳಿಸಿದ್ದಾರೆ. ವಿದ್ಯಾರ್ಥಿಗಳ ಸಾಧನೆಗೆ ಕಾಲೇಜಿನ ಪ್ರಾಂಶುಪಾಲರು ಹಾಗೂ ಸಿಬ್ಬಂದಿ ವರ್ಗದವರು ಅಭಿನಂದಿಸಿದ್ದಾರೆ.
ಕನ್ನಡಿಗರಿಗೆ ಮೆಟ್ರೋದಲ್ಲಿ ಅವಕಾಶ ನೀಡಿ
ಹುಳಿಯಾರು: ಕನ್ನಡಿಗರ ಅರ್ಜಿ ಆಹ್ವಾನ ಮಾಡದೇ ಬೆಂಗಳೂರು ಮೆಟ್ರೋ ರೈಲು ನಿಗಮವು ನೇರ ನೇಮಕಾತಿಗೆ ಮುಂದಾಗಿದ್ದು ಇದು ಕನ್ನಡಿಗರಿಗೆ ಆಗುತ್ತಿರುವ ಅನ್ಯಾಯ. ಕನ್ನಡಿಗರಿಗೆ ಆದ್ಯತೆ ನೀಡಬೇಕು ಎಂದು ಕರ್ನಾಟಕ ರಕ್ಷಣಾ ವೇದಿಕೆ ಹೋಬಳಿ ಅಧ್ಯಕ್ಷ ಒತ್ತಾಯಿಸಿದರು.
ಕೊಂಡಿದ್ದಾರೆ. ಅನ್ಯಭಾಷಿಗರಿಗೆ ಆದ್ಯತೆ ನೀಡುತ್ತಿರುವುದು ಖಂಡನೀಯ. ರಾಜ್ಯ ಸರ್ಕಾರ ಕೂಡಲೇ ಎಚ್ಚೆತ್ತು ಕನ್ನಡಿಗರಿಗೆ ಉದ್ಯೋಗ ಮೀಸಲಾತಿ ನೀಡಬೇಕು. ತಪ್ಪಿದಲ್ಲಿ ಉಗ್ರ ಹೋರಾಟ ನಡೆಸಲಾಗುವುದು ಎಂದು ಎಚ್ಚರಿಸಿದರು.
